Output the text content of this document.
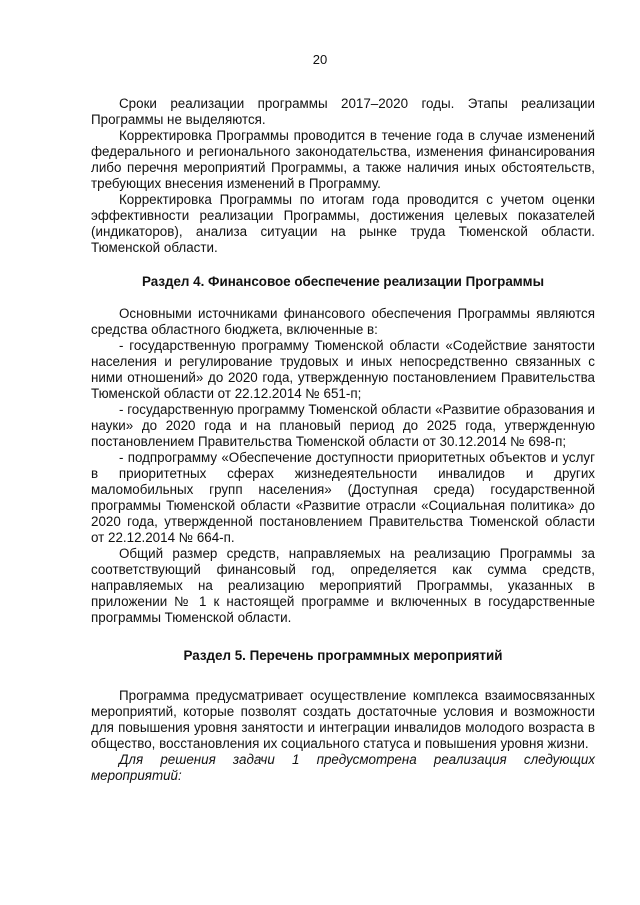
20

Сроки реализации программы 2017–2020 годы. Этапы реализации Программы не выделяются.

Корректировка Программы проводится в течение года в случае изменений федерального и регионального законодательства, изменения финансирования либо перечня мероприятий Программы, а также наличия иных обстоятельств, требующих внесения изменений в Программу.

Корректировка Программы по итогам года проводится с учетом оценки эффективности реализации Программы, достижения целевых показателей (индикаторов), анализа ситуации на рынке труда Тюменской области. Тюменской области.

Раздел 4. Финансовое обеспечение реализации Программы

Основными источниками финансового обеспечения Программы являются средства областного бюджета, включенные в:

- государственную программу Тюменской области «Содействие занятости населения и регулирование трудовых и иных непосредственно связанных с ними отношений» до 2020 года, утвержденную постановлением Правительства Тюменской области от 22.12.2014 № 651-п;

- государственную программу Тюменской области «Развитие образования и науки» до 2020 года и на плановый период до 2025 года, утвержденную постановлением Правительства Тюменской области от 30.12.2014 № 698-п;

- подпрограмму «Обеспечение доступности приоритетных объектов и услуг в приоритетных сферах жизнедеятельности инвалидов и других маломобильных групп населения» (Доступная среда) государственной программы Тюменской области «Развитие отрасли «Социальная политика» до 2020 года, утвержденной постановлением Правительства Тюменской области от 22.12.2014 № 664-п.

Общий размер средств, направляемых на реализацию Программы за соответствующий финансовый год, определяется как сумма средств, направляемых на реализацию мероприятий Программы, указанных в приложении № 1 к настоящей программе и включенных в государственные программы Тюменской области.

Раздел 5. Перечень программных мероприятий

Программа предусматривает осуществление комплекса взаимосвязанных мероприятий, которые позволят создать достаточные условия и возможности для повышения уровня занятости и интеграции инвалидов молодого возраста в общество, восстановления их социального статуса и повышения уровня жизни.

Для решения задачи 1 предусмотрена реализация следующих мероприятий:
